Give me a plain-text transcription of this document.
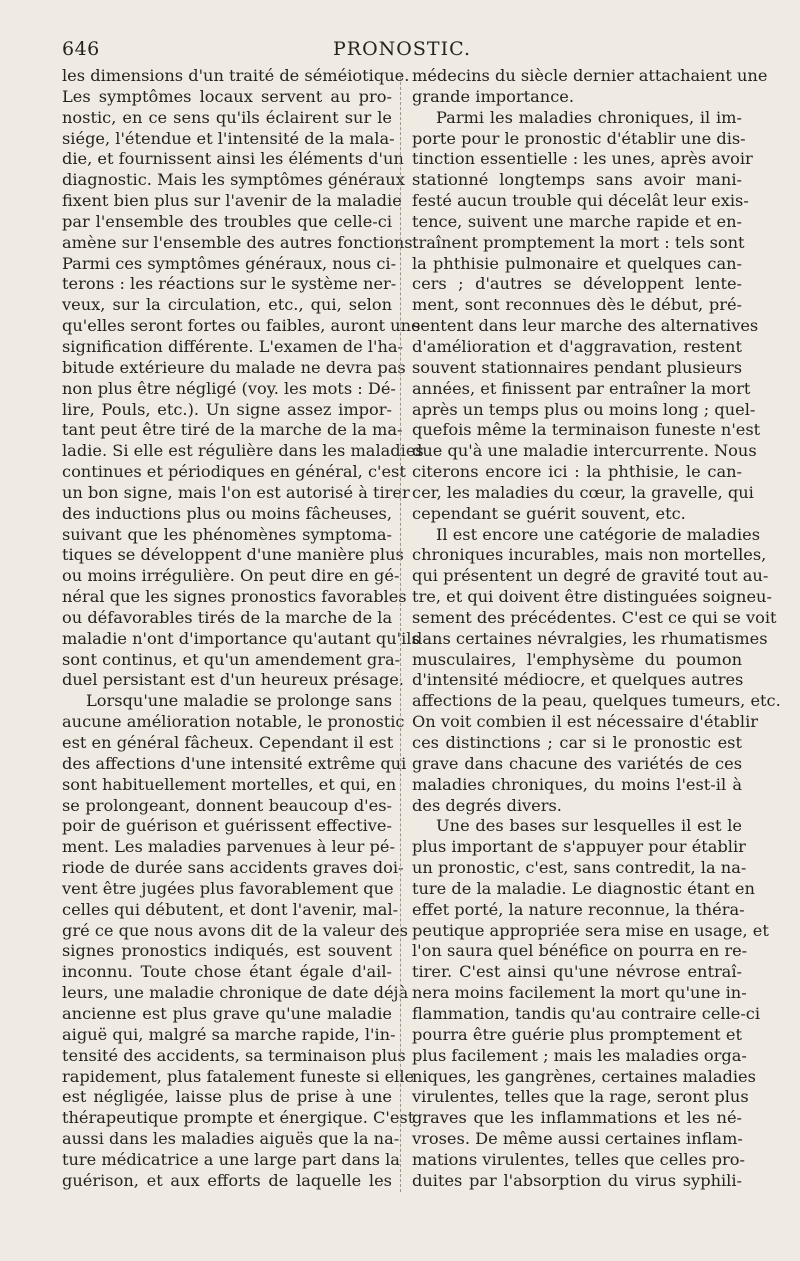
646	PRONOSTIC.
les dimensions d'un traité de séméiotique.
Les symptômes locaux servent au pro-
nostic, en ce sens qu'ils éclairent sur le
siége, l'étendue et l'intensité de la mala-
die, et fournissent ainsi les éléments d'un
diagnostic. Mais les symptômes généraux
fixent bien plus sur l'avenir de la maladie
par l'ensemble des troubles que celle-ci
amène sur l'ensemble des autres fonctions.
Parmi ces symptômes généraux, nous ci-
terons : les réactions sur le système ner-
veux, sur la circulation, etc., qui, selon
qu'elles seront fortes ou faibles, auront une
signification différente. L'examen de l'ha-
bitude extérieure du malade ne devra pas
non plus être négligé (voy. les mots : Dé-
lire, Pouls, etc.). Un signe assez impor-
tant peut être tiré de la marche de la ma-
ladie. Si elle est régulière dans les maladies
continues et périodiques en général, c'est
un bon signe, mais l'on est autorisé à tirer
des inductions plus ou moins fâcheuses,
suivant que les phénomènes symptoma-
tiques se développent d'une manière plus
ou moins irrégulière. On peut dire en gé-
néral que les signes pronostics favorables
ou défavorables tirés de la marche de la
maladie n'ont d'importance qu'autant qu'ils
sont continus, et qu'un amendement gra-
duel persistant est d'un heureux présage.
Lorsqu'une maladie se prolonge sans
aucune amélioration notable, le pronostic
est en général fâcheux. Cependant il est
des affections d'une intensité extrême qui
sont habituellement mortelles, et qui, en
se prolongeant, donnent beaucoup d'es-
poir de guérison et guérissent effective-
ment. Les maladies parvenues à leur pé-
riode de durée sans accidents graves doi-
vent être jugées plus favorablement que
celles qui débutent, et dont l'avenir, mal-
gré ce que nous avons dit de la valeur des
signes pronostics indiqués, est souvent
inconnu. Toute chose étant égale d'ail-
leurs, une maladie chronique de date déjà
ancienne est plus grave qu'une maladie
aiguë qui, malgré sa marche rapide, l'in-
tensité des accidents, sa terminaison plus
rapidement, plus fatalement funeste si elle
est négligée, laisse plus de prise à une
thérapeutique prompte et énergique. C'est
aussi dans les maladies aiguës que la na-
ture médicatrice a une large part dans la
guérison, et aux efforts de laquelle les
médecins du siècle dernier attachaient une
grande importance.
Parmi les maladies chroniques, il im-
porte pour le pronostic d'établir une dis-
tinction essentielle : les unes, après avoir
stationné longtemps sans avoir mani-
festé aucun trouble qui décelât leur exis-
tence, suivent une marche rapide et en-
traînent promptement la mort : tels sont
la phthisie pulmonaire et quelques can-
cers ; d'autres se développent lente-
ment, sont reconnues dès le début, pré-
sentent dans leur marche des alternatives
d'amélioration et d'aggravation, restent
souvent stationnaires pendant plusieurs
années, et finissent par entraîner la mort
après un temps plus ou moins long ; quel-
quefois même la terminaison funeste n'est
due qu'à une maladie intercurrente. Nous
citerons encore ici : la phthisie, le can-
cer, les maladies du cœur, la gravelle, qui
cependant se guérit souvent, etc.
Il est encore une catégorie de maladies
chroniques incurables, mais non mortelles,
qui présentent un degré de gravité tout au-
tre, et qui doivent être distinguées soigneu-
sement des précédentes. C'est ce qui se voit
dans certaines névralgies, les rhumatismes
musculaires, l'emphysème du poumon
d'intensité médiocre, et quelques autres
affections de la peau, quelques tumeurs, etc.
On voit combien il est nécessaire d'établir
ces distinctions ; car si le pronostic est
grave dans chacune des variétés de ces
maladies chroniques, du moins l'est-il à
des degrés divers.
Une des bases sur lesquelles il est le
plus important de s'appuyer pour établir
un pronostic, c'est, sans contredit, la na-
ture de la maladie. Le diagnostic étant en
effet porté, la nature reconnue, la théra-
peutique appropriée sera mise en usage, et
l'on saura quel bénéfice on pourra en re-
tirer. C'est ainsi qu'une névrose entraî-
nera moins facilement la mort qu'une in-
flammation, tandis qu'au contraire celle-ci
pourra être guérie plus promptement et
plus facilement ; mais les maladies orga-
niques, les gangrènes, certaines maladies
virulentes, telles que la rage, seront plus
graves que les inflammations et les né-
vroses. De même aussi certaines inflam-
mations virulentes, telles que celles pro-
duites par l'absorption du virus syphili-
